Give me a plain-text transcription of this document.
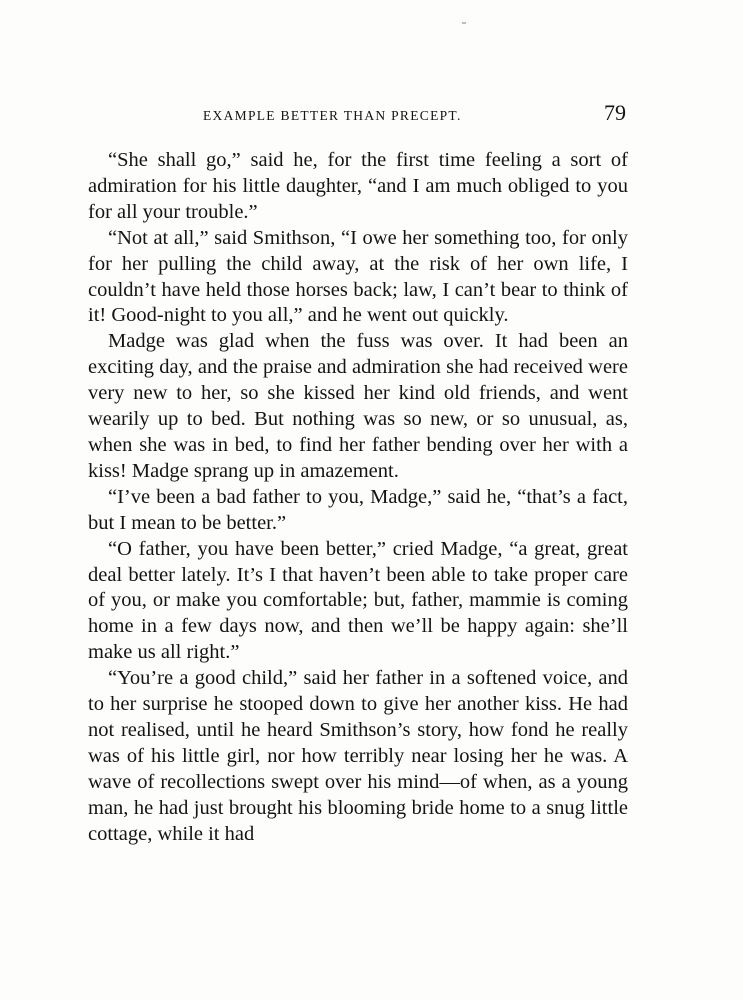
EXAMPLE BETTER THAN PRECEPT.	79

“She shall go,” said he, for the first time feeling a sort of admiration for his little daughter, “and I am much obliged to you for all your trouble.”

“Not at all,” said Smithson, “I owe her something too, for only for her pulling the child away, at the risk of her own life, I couldn’t have held those horses back; law, I can’t bear to think of it! Good-night to you all,” and he went out quickly.

Madge was glad when the fuss was over. It had been an exciting day, and the praise and admiration she had received were very new to her, so she kissed her kind old friends, and went wearily up to bed. But nothing was so new, or so unusual, as, when she was in bed, to find her father bending over her with a kiss! Madge sprang up in amazement.

“I’ve been a bad father to you, Madge,” said he, “that’s a fact, but I mean to be better.”

“O father, you have been better,” cried Madge, “a great, great deal better lately. It’s I that haven’t been able to take proper care of you, or make you comfortable; but, father, mammie is coming home in a few days now, and then we’ll be happy again: she’ll make us all right.”

“You’re a good child,” said her father in a softened voice, and to her surprise he stooped down to give her another kiss. He had not realised, until he heard Smithson’s story, how fond he really was of his little girl, nor how terribly near losing her he was. A wave of recollections swept over his mind—of when, as a young man, he had just brought his blooming bride home to a snug little cottage, while it had
